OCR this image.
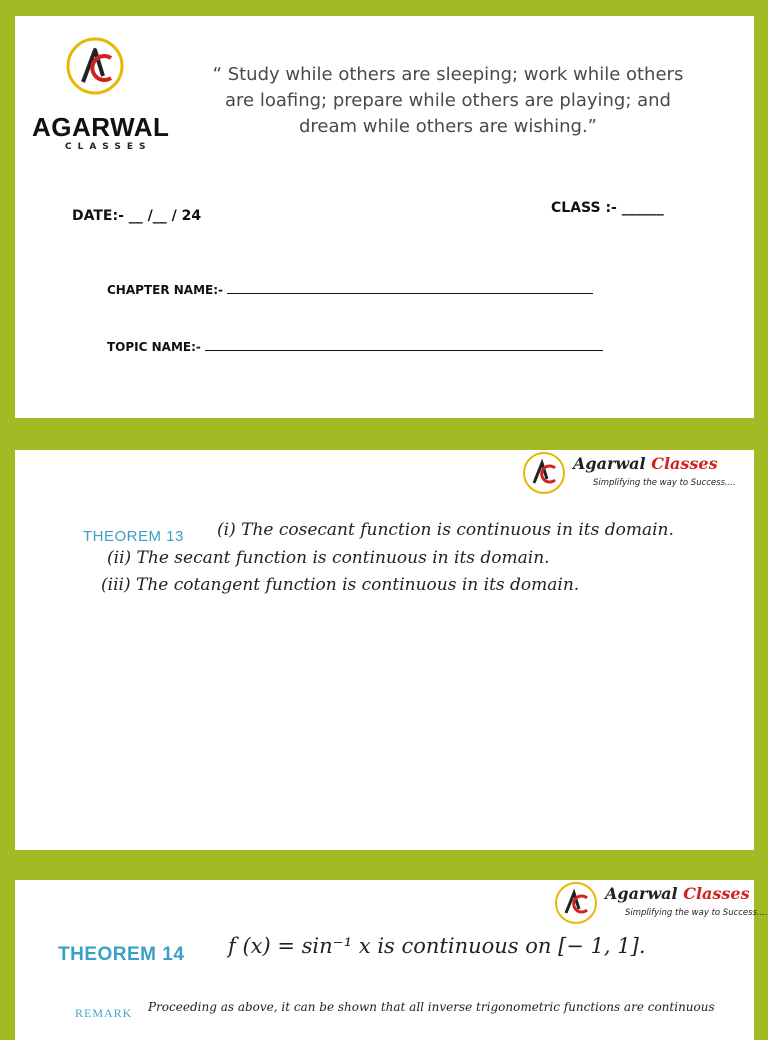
AGARWAL
CLASSES
“ Study while others are sleeping; work while others are loafing; prepare while others are playing; and dream while others are wishing.”
DATE:- __ /__ / 24	CLASS :- ______
CHAPTER NAME:-
TOPIC NAME:-
Agarwal Classes
Simplifying the way to Success....
THEOREM 13 (i) The cosecant function is continuous in its domain.
(ii) The secant function is continuous in its domain.
(iii) The cotangent function is continuous in its domain.
Agarwal Classes
Simplifying the way to Success....
THEOREM 14 f (x) = sin⁻¹ x is continuous on [− 1, 1].
REMARK Proceeding as above, it can be shown that all inverse trigonometric functions are continuous
